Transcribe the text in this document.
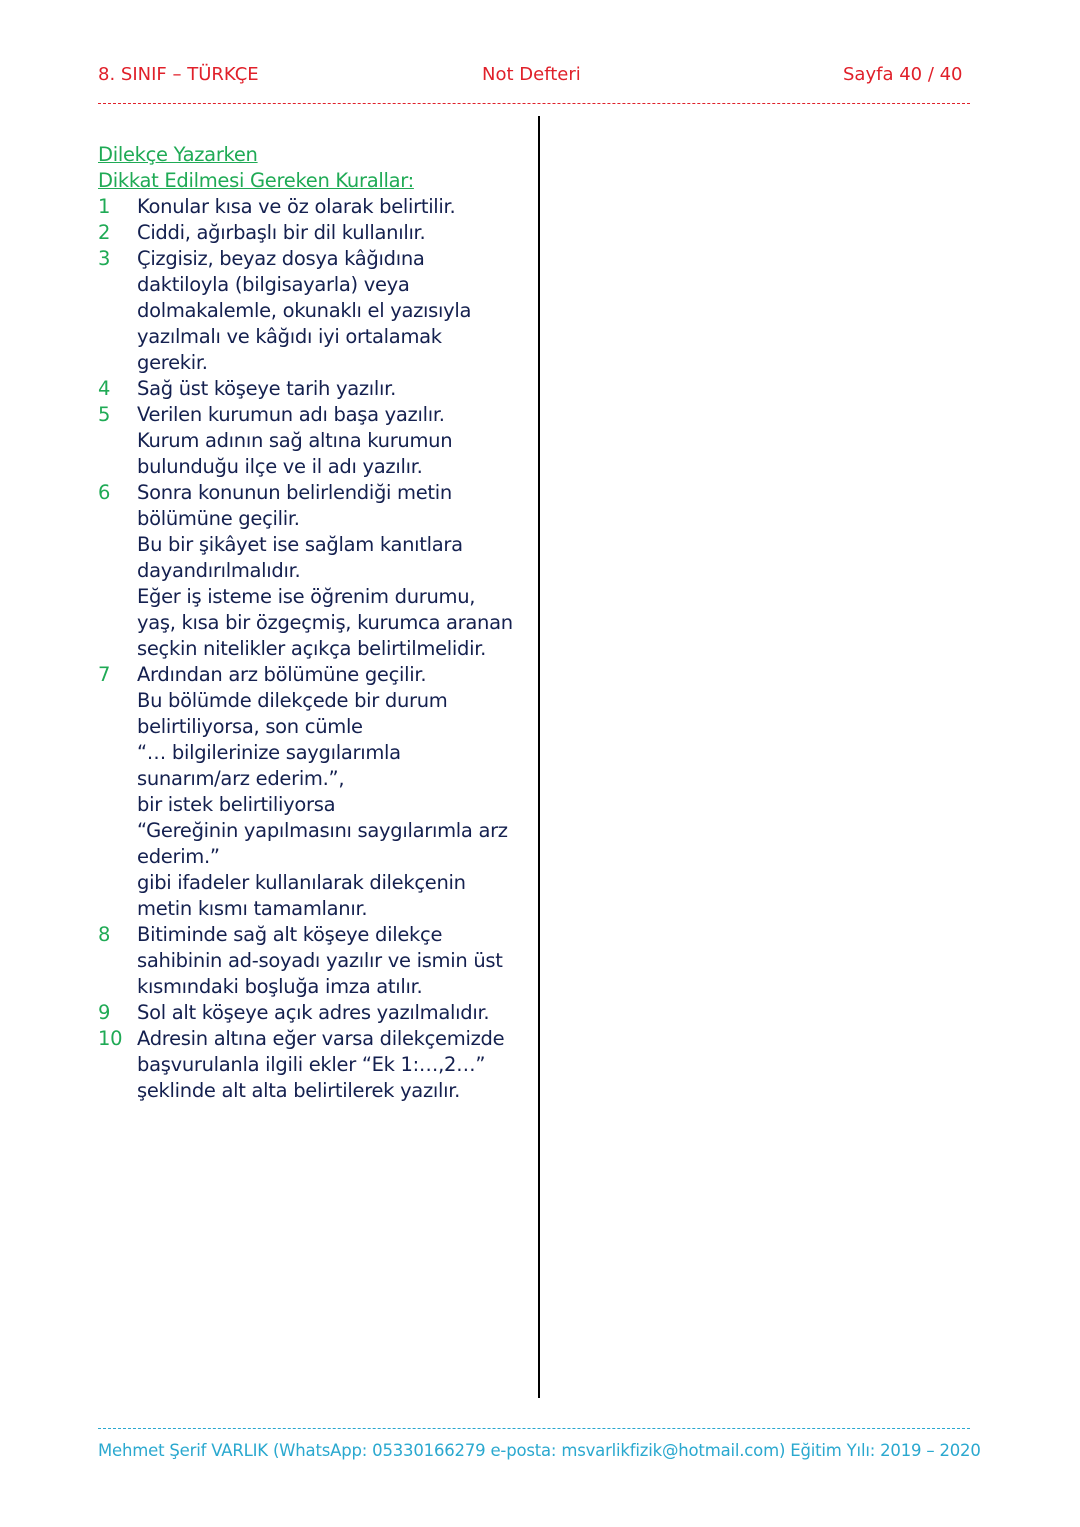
8. SINIF – TÜRKÇE	Not Defteri	Sayfa 40 / 40
Dilekçe Yazarken
Dikkat Edilmesi Gereken Kurallar:
1	Konular kısa ve öz olarak belirtilir.
2	Ciddi, ağırbaşlı bir dil kullanılır.
3	Çizgisiz, beyaz dosya kâğıdına
daktiloyla (bilgisayarla) veya
dolmakalemle, okunaklı el yazısıyla
yazılmalı ve kâğıdı iyi ortalamak
gerekir.
4	Sağ üst köşeye tarih yazılır.
5	Verilen kurumun adı başa yazılır.
Kurum adının sağ altına kurumun
bulunduğu ilçe ve il adı yazılır.
6	Sonra konunun belirlendiği metin
bölümüne geçilir.
Bu bir şikâyet ise sağlam kanıtlara
dayandırılmalıdır.
Eğer iş isteme ise öğrenim durumu,
yaş, kısa bir özgeçmiş, kurumca aranan
seçkin nitelikler açıkça belirtilmelidir.
7	Ardından arz bölümüne geçilir.
Bu bölümde dilekçede bir durum
belirtiliyorsa, son cümle
“… bilgilerinize saygılarımla
sunarım/arz ederim.”,
bir istek belirtiliyorsa
“Gereğinin yapılmasını saygılarımla arz
ederim.”
gibi ifadeler kullanılarak dilekçenin
metin kısmı tamamlanır.
8	Bitiminde sağ alt köşeye dilekçe
sahibinin ad-soyadı yazılır ve ismin üst
kısmındaki boşluğa imza atılır.
9	Sol alt köşeye açık adres yazılmalıdır.
10 Adresin altına eğer varsa dilekçemizde
başvurulanla ilgili ekler “Ek 1:…,2…”
şeklinde alt alta belirtilerek yazılır.
Mehmet Şerif VARLIK (WhatsApp: 05330166279 e-posta: msvarlikfizik@hotmail.com) Eğitim Yılı: 2019 – 2020
